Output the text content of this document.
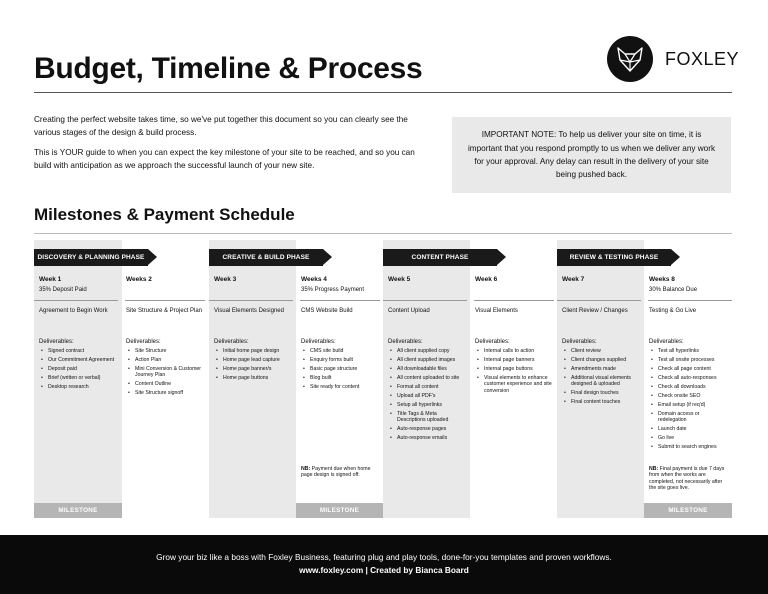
Budget, Timeline & Process	FOXLEY

Creating the perfect website takes time, so we've put together this document so you can clearly see the various stages of the design & build process.

This is YOUR guide to when you can expect the key milestone of your site to be reached, and so you can build with anticipation as we approach the successful launch of your new site.

IMPORTANT NOTE: To help us deliver your site on time, it is important that you respond promptly to us when we deliver any work for your approval. Any delay can result in the delivery of your site being pushed back.

Milestones & Payment Schedule
DISCOVERY & PLANNING PHASE	CREATIVE & BUILD PHASE	CONTENT PHASE	REVIEW & TESTING PHASE
Week 1
35% Deposit Paid
Agreement to Begin Work
Deliverables:
• Signed contract
• Our Commitment Agreement
• Deposit paid
• Brief (written or verbal)
• Desktop research
Weeks 2
Site Structure & Project Plan
Deliverables:
• Site Structure
• Action Plan
• Mini Conversion & Customer Journey Plan
• Content Outline
• Site Structure signoff
Week 3
Visual Elements Designed
Deliverables:
• Initial home page design
• Home page lead capture
• Home page banner/s
• Home page buttons
Weeks 4
35% Progress Payment
CMS Website Build
Deliverables:
• CMS site build
• Enquiry forms built
• Basic page structure
• Blog built
• Site ready for content
NB: Payment due when home page design is signed off.
Week 5
Content Upload
Deliverables:
• All client supplied copy
• All client supplied images
• All downloadable files
• All content uploaded to site
• Format all content
• Upload all PDF's
• Setup all hyperlinks
• Title Tags & Meta Descriptions uploaded
• Auto-response pages
• Auto-response emails
Week 6
Visual Elements
Deliverables:
• Internal calls to action
• Internal page banners
• Internal page buttons
• Visual elements to enhance customer experience and site conversion
Week 7
Client Review / Changes
Deliverables:
• Client review
• Client changes supplied
• Amendments made
• Additional visual elements designed & uploaded
• Final design touches
• Final content touches
Weeks 8
30% Balance Due
Testing & Go Live
Deliverables:
• Test all hyperlinks
• Test all onsite processes
• Check all page content
• Check all auto-responses
• Check all downloads
• Check onsite SEO
• Email setup (if req'd)
• Domain access or redelegation
• Launch date
• Go live
• Submit to search engines
NB: Final payment is due 7 days from when the works are completed, not necessarily after the site goes live.
MILESTONE	MILESTONE	MILESTONE
Grow your biz like a boss with Foxley Business, featuring plug and play tools, done-for-you templates and proven workflows.
www.foxley.com | Created by Bianca Board
